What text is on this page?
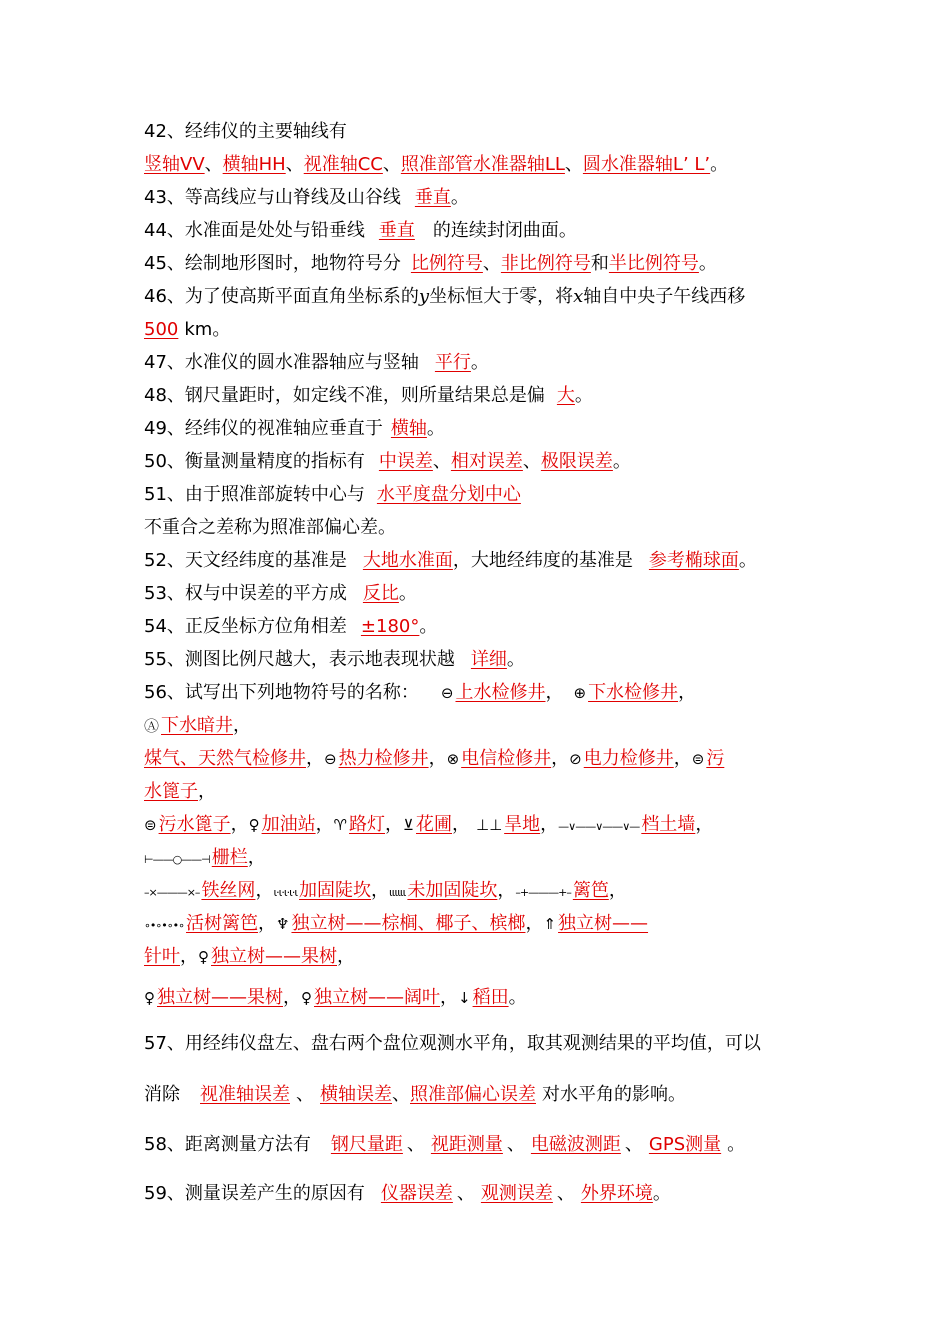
42、经纬仪的主要轴线有
竖轴VV、横轴HH、视准轴CC、照准部管水准器轴LL、圆水准器轴L’ L’。
43、等高线应与山脊线及山谷线 垂直。
44、水准面是处处与铅垂线 垂直 的连续封闭曲面。
45、绘制地形图时，地物符号分 比例符号、非比例符号和半比例符号。
46、为了使高斯平面直角坐标系的y坐标恒大于零，将x轴自中央子午线西移
500 km。
47、水准仪的圆水准器轴应与竖轴 平行。
48、钢尺量距时，如定线不准，则所量结果总是偏 大。
49、经纬仪的视准轴应垂直于 横轴。
50、衡量测量精度的指标有 中误差、相对误差、极限误差。
51、由于照准部旋转中心与 水平度盘分划中心
不重合之差称为照准部偏心差。
52、天文经纬度的基准是 大地水准面，大地经纬度的基准是 参考椭球面。
53、权与中误差的平方成 反比。
54、正反坐标方位角相差 ±180°。
55、测图比例尺越大，表示地表现状越 详细。
56、试写出下列地物符号的名称： ⊖ 上水检修井， ⊕ 下水检修井，
Ⓐ 下水暗井，
煤气、天然气检修井，⊖ 热力检修井，⊗ 电信检修井，⊘ 电力检修井，⊜ 污
水篦子，
⊜ 污水篦子，♀ 加油站，♈ 路灯，⊻ 花圃， ⊥⊥ 旱地，—∨——∨——∨— 档土墙，
⊢——○——⊣ 栅栏，
–×———×– 铁丝网，ι·ι·ι·ι·ι 加固陡坎，ιιιιιι 未加固陡坎，–+———+– 篱笆，
∘•∘•∘•∘ 活树篱笆，♆ 独立树——棕榈、椰子、槟榔，⇑ 独立树——
针叶，♀ 独立树——果树，
♀ 独立树——果树，♀ 独立树——阔叶，↓ 稻田。
57、用经纬仪盘左、盘右两个盘位观测水平角，取其观测结果的平均值，可以
消除 视准轴误差 、 横轴误差、照准部偏心误差 对水平角的影响。
58、距离测量方法有 钢尺量距 、 视距测量 、 电磁波测距 、 GPS测量 。
59、测量误差产生的原因有 仪器误差 、 观测误差 、 外界环境。
